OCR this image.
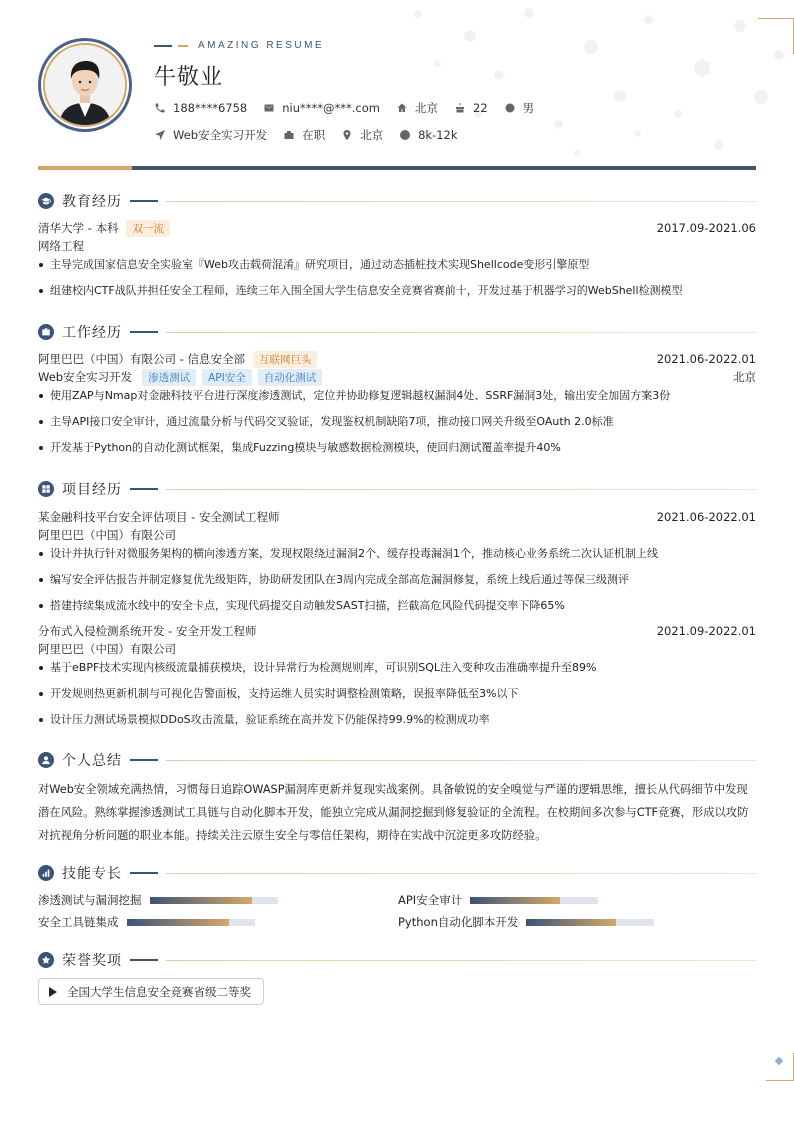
AMAZING RESUME
牛敬业
188****6758	niu****@***.com	北京	22	男
Web安全实习开发	在职	北京	8k-12k
教育经历
清华大学 - 本科	双一流	2017.09-2021.06
网络工程
主导完成国家信息安全实验室『Web攻击载荷混淆』研究项目，通过动态插桩技术实现Shellcode变形引擎原型
组建校内CTF战队并担任安全工程师，连续三年入围全国大学生信息安全竞赛省赛前十，开发过基于机器学习的WebShell检测模型
工作经历
阿里巴巴（中国）有限公司 - 信息安全部	互联网巨头	2021.06-2022.01
Web安全实习开发	渗透测试	API安全	自动化测试	北京
使用ZAP与Nmap对金融科技平台进行深度渗透测试，定位并协助修复逻辑越权漏洞4处、SSRF漏洞3处，输出安全加固方案3份
主导API接口安全审计，通过流量分析与代码交叉验证，发现鉴权机制缺陷7项，推动接口网关升级至OAuth 2.0标准
开发基于Python的自动化测试框架，集成Fuzzing模块与敏感数据检测模块，使回归测试覆盖率提升40%
项目经历
某金融科技平台安全评估项目 - 安全测试工程师	2021.06-2022.01
阿里巴巴（中国）有限公司
设计并执行针对微服务架构的横向渗透方案，发现权限绕过漏洞2个、缓存投毒漏洞1个，推动核心业务系统二次认证机制上线
编写安全评估报告并制定修复优先级矩阵，协助研发团队在3周内完成全部高危漏洞修复，系统上线后通过等保三级测评
搭建持续集成流水线中的安全卡点，实现代码提交自动触发SAST扫描，拦截高危风险代码提交率下降65%
分布式入侵检测系统开发 - 安全开发工程师	2021.09-2022.01
阿里巴巴（中国）有限公司
基于eBPF技术实现内核级流量捕获模块，设计异常行为检测规则库，可识别SQL注入变种攻击准确率提升至89%
开发规则热更新机制与可视化告警面板，支持运维人员实时调整检测策略，误报率降低至3%以下
设计压力测试场景模拟DDoS攻击流量，验证系统在高并发下仍能保持99.9%的检测成功率
个人总结
对Web安全领域充满热情，习惯每日追踪OWASP漏洞库更新并复现实战案例。具备敏锐的安全嗅觉与严谨的逻辑思维，擅长从代码细节中发现潜在风险。熟练掌握渗透测试工具链与自动化脚本开发，能独立完成从漏洞挖掘到修复验证的全流程。在校期间多次参与CTF竞赛，形成以攻防对抗视角分析问题的职业本能。持续关注云原生安全与零信任架构，期待在实战中沉淀更多攻防经验。
技能专长
渗透测试与漏洞挖掘	API安全审计
安全工具链集成	Python自动化脚本开发
荣誉奖项
全国大学生信息安全竞赛省级二等奖
